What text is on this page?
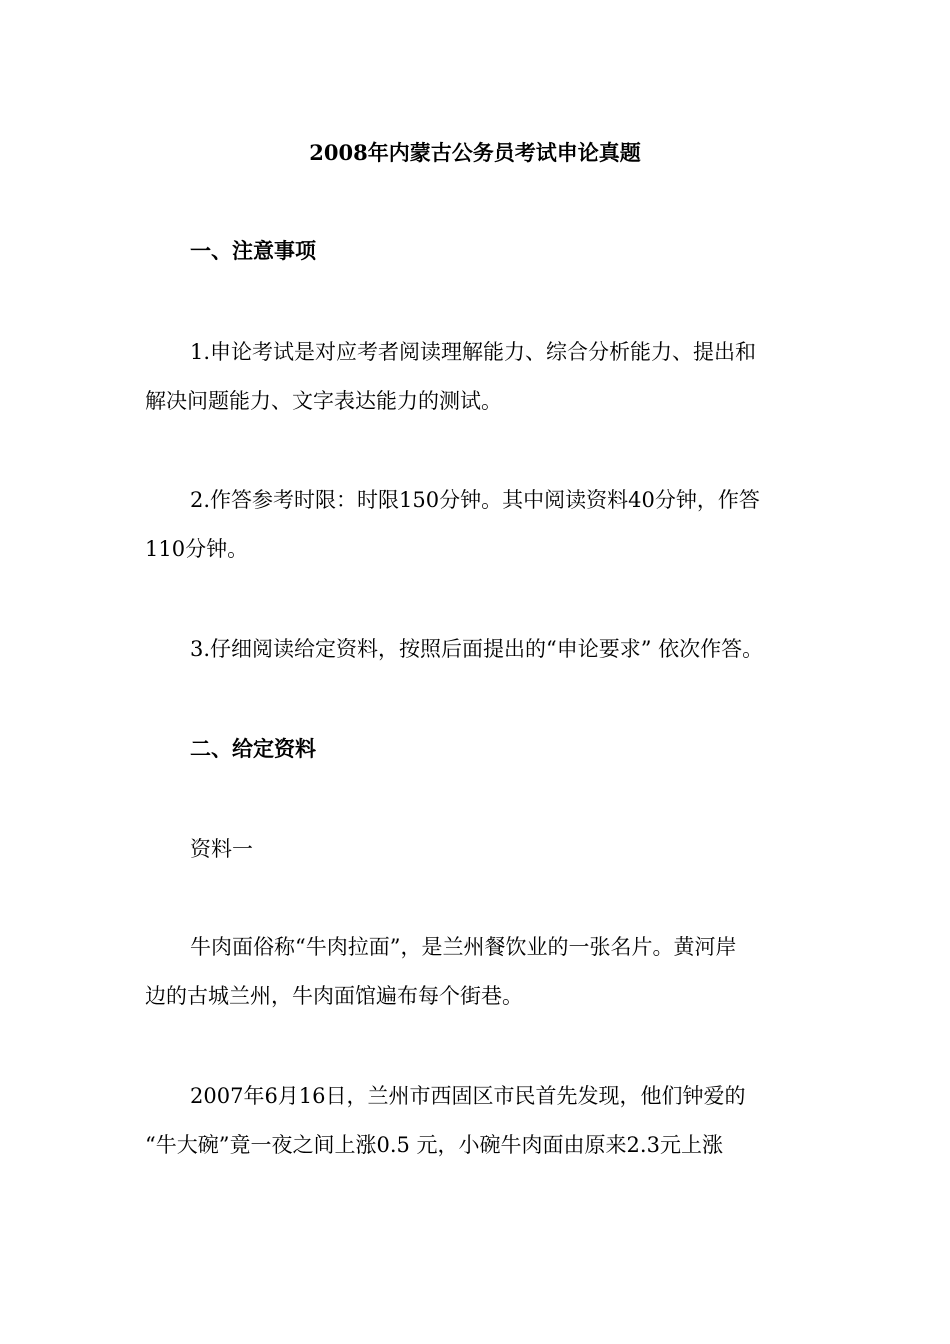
2008年内蒙古公务员考试申论真题

一、注意事项

1.申论考试是对应考者阅读理解能力、综合分析能力、提出和

解决问题能力、文字表达能力的测试。

2.作答参考时限：时限150分钟。其中阅读资料40分钟，作答

110分钟。

3.仔细阅读给定资料，按照后面提出的“申论要求” 依次作答。

二、给定资料

资料一

牛肉面俗称“牛肉拉面”，是兰州餐饮业的一张名片。黄河岸

边的古城兰州，牛肉面馆遍布每个街巷。

2007年6月16日，兰州市西固区市民首先发现，他们钟爱的

“牛大碗”竟一夜之间上涨0.5 元，小碗牛肉面由原来2.3元上涨
